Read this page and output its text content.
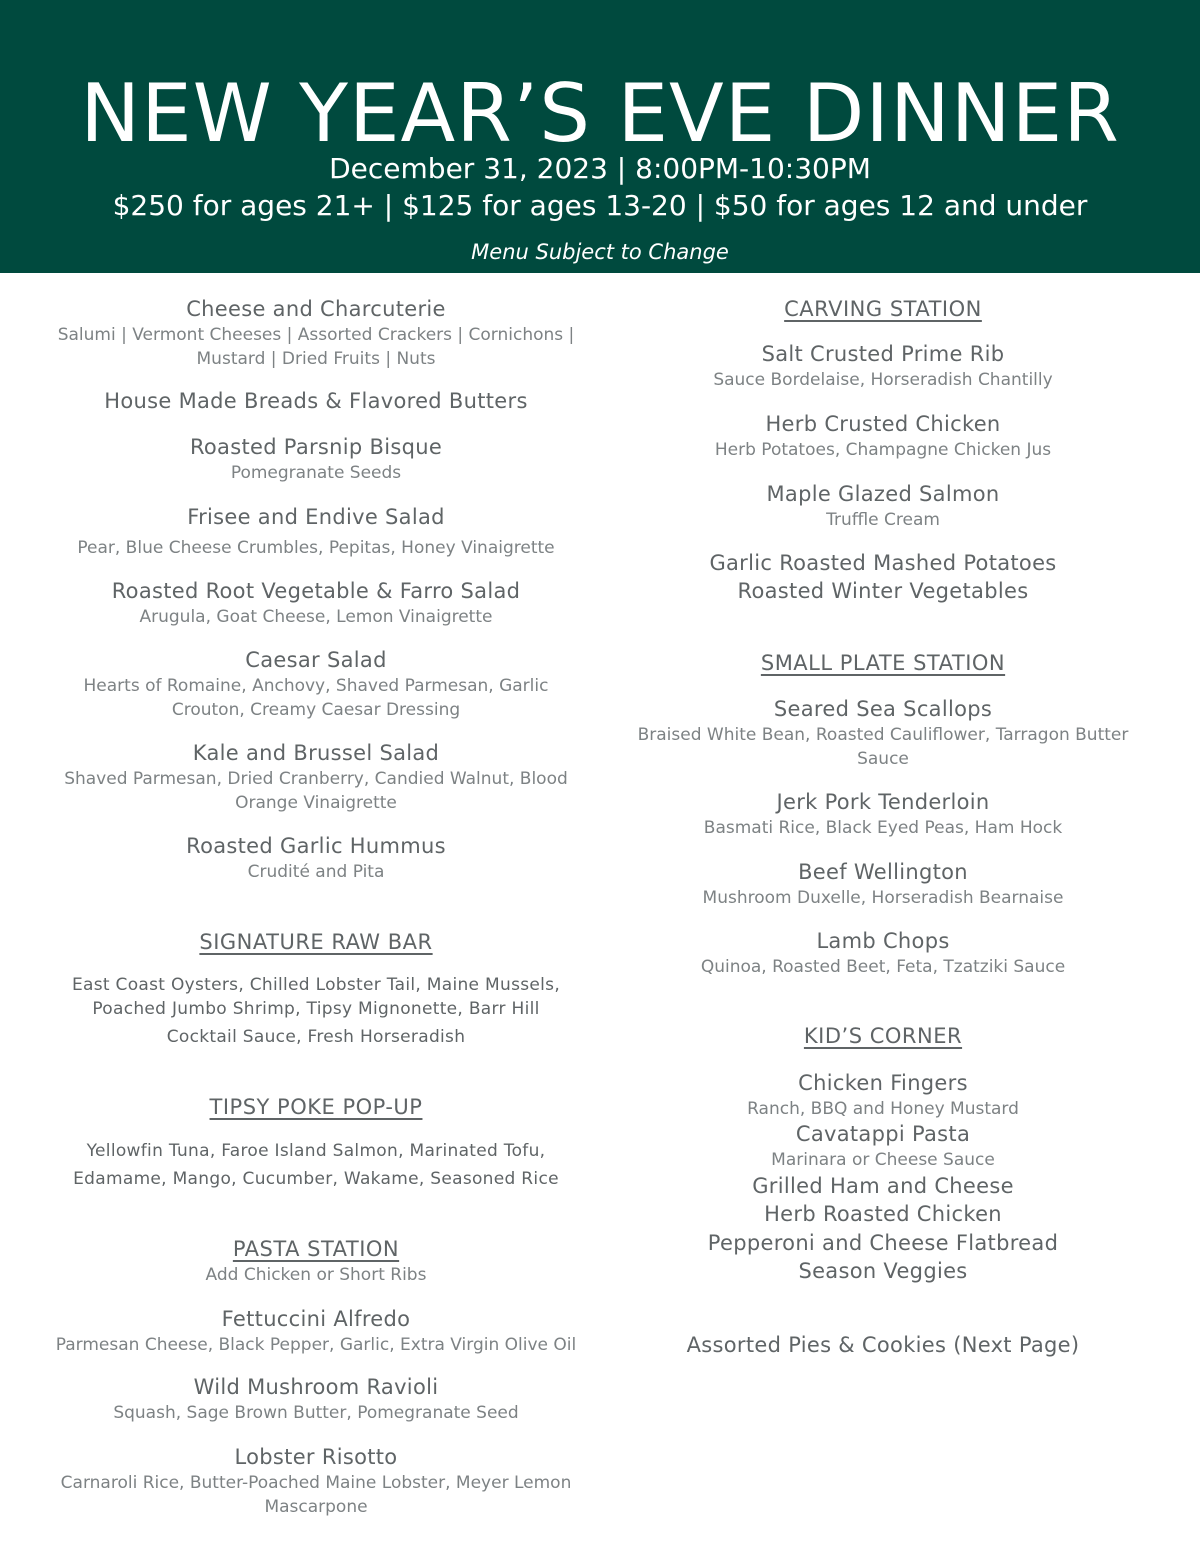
NEW YEAR’S EVE DINNER
December 31, 2023 | 8:00PM-10:30PM
$250 for ages 21+ | $125 for ages 13-20 | $50 for ages 12 and under
Menu Subject to Change
Cheese and Charcuterie
Salumi | Vermont Cheeses | Assorted Crackers | Cornichons |
Mustard | Dried Fruits | Nuts
House Made Breads & Flavored Butters
Roasted Parsnip Bisque
Pomegranate Seeds
Frisee and Endive Salad
Pear, Blue Cheese Crumbles, Pepitas, Honey Vinaigrette
Roasted Root Vegetable & Farro Salad
Arugula, Goat Cheese, Lemon Vinaigrette
Caesar Salad
Hearts of Romaine, Anchovy, Shaved Parmesan, Garlic
Crouton, Creamy Caesar Dressing
Kale and Brussel Salad
Shaved Parmesan, Dried Cranberry, Candied Walnut, Blood
Orange Vinaigrette
Roasted Garlic Hummus
Crudité and Pita
SIGNATURE RAW BAR
East Coast Oysters, Chilled Lobster Tail, Maine Mussels,
Poached Jumbo Shrimp, Tipsy Mignonette, Barr Hill
Cocktail Sauce, Fresh Horseradish
TIPSY POKE POP-UP
Yellowfin Tuna, Faroe Island Salmon, Marinated Tofu,
Edamame, Mango, Cucumber, Wakame, Seasoned Rice
PASTA STATION
Add Chicken or Short Ribs
Fettuccini Alfredo
Parmesan Cheese, Black Pepper, Garlic, Extra Virgin Olive Oil
Wild Mushroom Ravioli
Squash, Sage Brown Butter, Pomegranate Seed
Lobster Risotto
Carnaroli Rice, Butter-Poached Maine Lobster, Meyer Lemon
Mascarpone
CARVING STATION
Salt Crusted Prime Rib
Sauce Bordelaise, Horseradish Chantilly
Herb Crusted Chicken
Herb Potatoes, Champagne Chicken Jus
Maple Glazed Salmon
Truffle Cream
Garlic Roasted Mashed Potatoes
Roasted Winter Vegetables
SMALL PLATE STATION
Seared Sea Scallops
Braised White Bean, Roasted Cauliflower, Tarragon Butter
Sauce
Jerk Pork Tenderloin
Basmati Rice, Black Eyed Peas, Ham Hock
Beef Wellington
Mushroom Duxelle, Horseradish Bearnaise
Lamb Chops
Quinoa, Roasted Beet, Feta, Tzatziki Sauce
KID’S CORNER
Chicken Fingers
Ranch, BBQ and Honey Mustard
Cavatappi Pasta
Marinara or Cheese Sauce
Grilled Ham and Cheese
Herb Roasted Chicken
Pepperoni and Cheese Flatbread
Season Veggies
Assorted Pies & Cookies (Next Page)
